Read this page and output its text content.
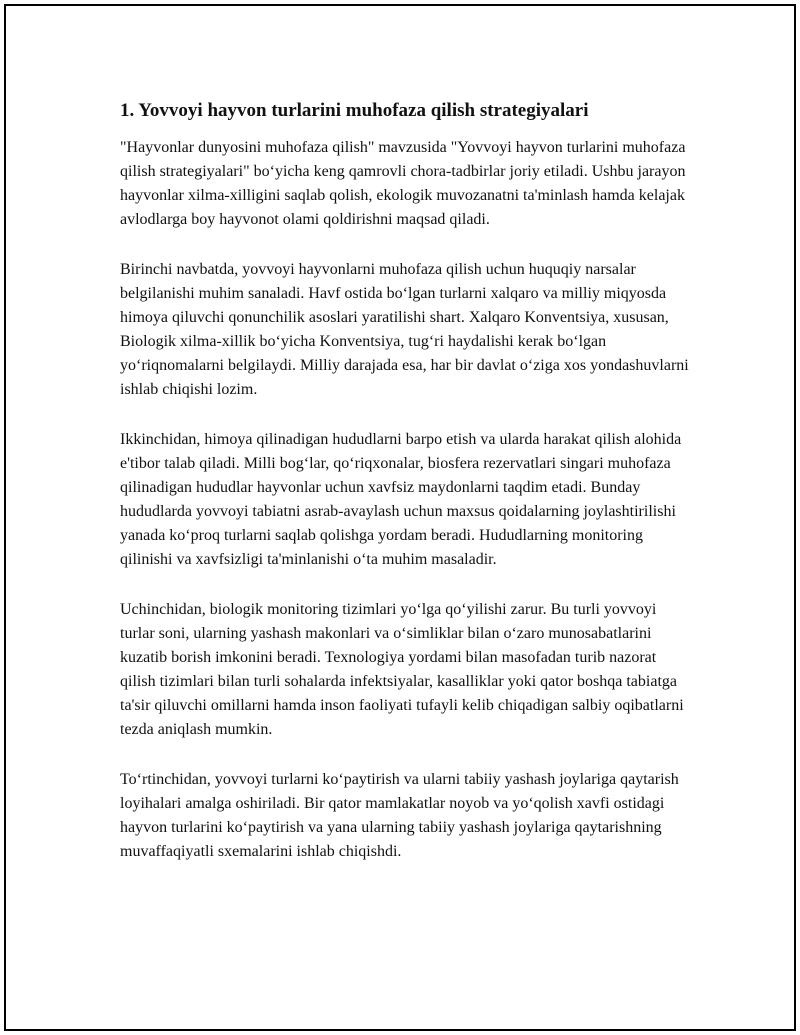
1. Yovvoyi hayvon turlarini muhofaza qilish strategiyalari

"Hayvonlar dunyosini muhofaza qilish" mavzusida "Yovvoyi hayvon turlarini muhofaza qilish strategiyalari" bo‘yicha keng qamrovli chora-tadbirlar joriy etiladi. Ushbu jarayon hayvonlar xilma-xilligini saqlab qolish, ekologik muvozanatni ta'minlash hamda kelajak avlodlarga boy hayvonot olami qoldirishni maqsad qiladi.

Birinchi navbatda, yovvoyi hayvonlarni muhofaza qilish uchun huquqiy narsalar belgilanishi muhim sanaladi. Havf ostida bo‘lgan turlarni xalqaro va milliy miqyosda himoya qiluvchi qonunchilik asoslari yaratilishi shart. Xalqaro Konventsiya, xususan, Biologik xilma-xillik bo‘yicha Konventsiya, tug‘ri haydalishi kerak bo‘lgan yo‘riqnomalarni belgilaydi. Milliy darajada esa, har bir davlat o‘ziga xos yondashuvlarni ishlab chiqishi lozim.

Ikkinchidan, himoya qilinadigan hududlarni barpo etish va ularda harakat qilish alohida e'tibor talab qiladi. Milli bog‘lar, qo‘riqxonalar, biosfera rezervatlari singari muhofaza qilinadigan hududlar hayvonlar uchun xavfsiz maydonlarni taqdim etadi. Bunday hududlarda yovvoyi tabiatni asrab-avaylash uchun maxsus qoidalarning joylashtirilishi yanada ko‘proq turlarni saqlab qolishga yordam beradi. Hududlarning monitoring qilinishi va xavfsizligi ta'minlanishi o‘ta muhim masaladir.

Uchinchidan, biologik monitoring tizimlari yo‘lga qo‘yilishi zarur. Bu turli yovvoyi turlar soni, ularning yashash makonlari va o‘simliklar bilan o‘zaro munosabatlarini kuzatib borish imkonini beradi. Texnologiya yordami bilan masofadan turib nazorat qilish tizimlari bilan turli sohalarda infektsiyalar, kasalliklar yoki qator boshqa tabiatga ta'sir qiluvchi omillarni hamda inson faoliyati tufayli kelib chiqadigan salbiy oqibatlarni tezda aniqlash mumkin.

To‘rtinchidan, yovvoyi turlarni ko‘paytirish va ularni tabiiy yashash joylariga qaytarish loyihalari amalga oshiriladi. Bir qator mamlakatlar noyob va yo‘qolish xavfi ostidagi hayvon turlarini ko‘paytirish va yana ularning tabiiy yashash joylariga qaytarishning muvaffaqiyatli sxemalarini ishlab chiqishdi.
